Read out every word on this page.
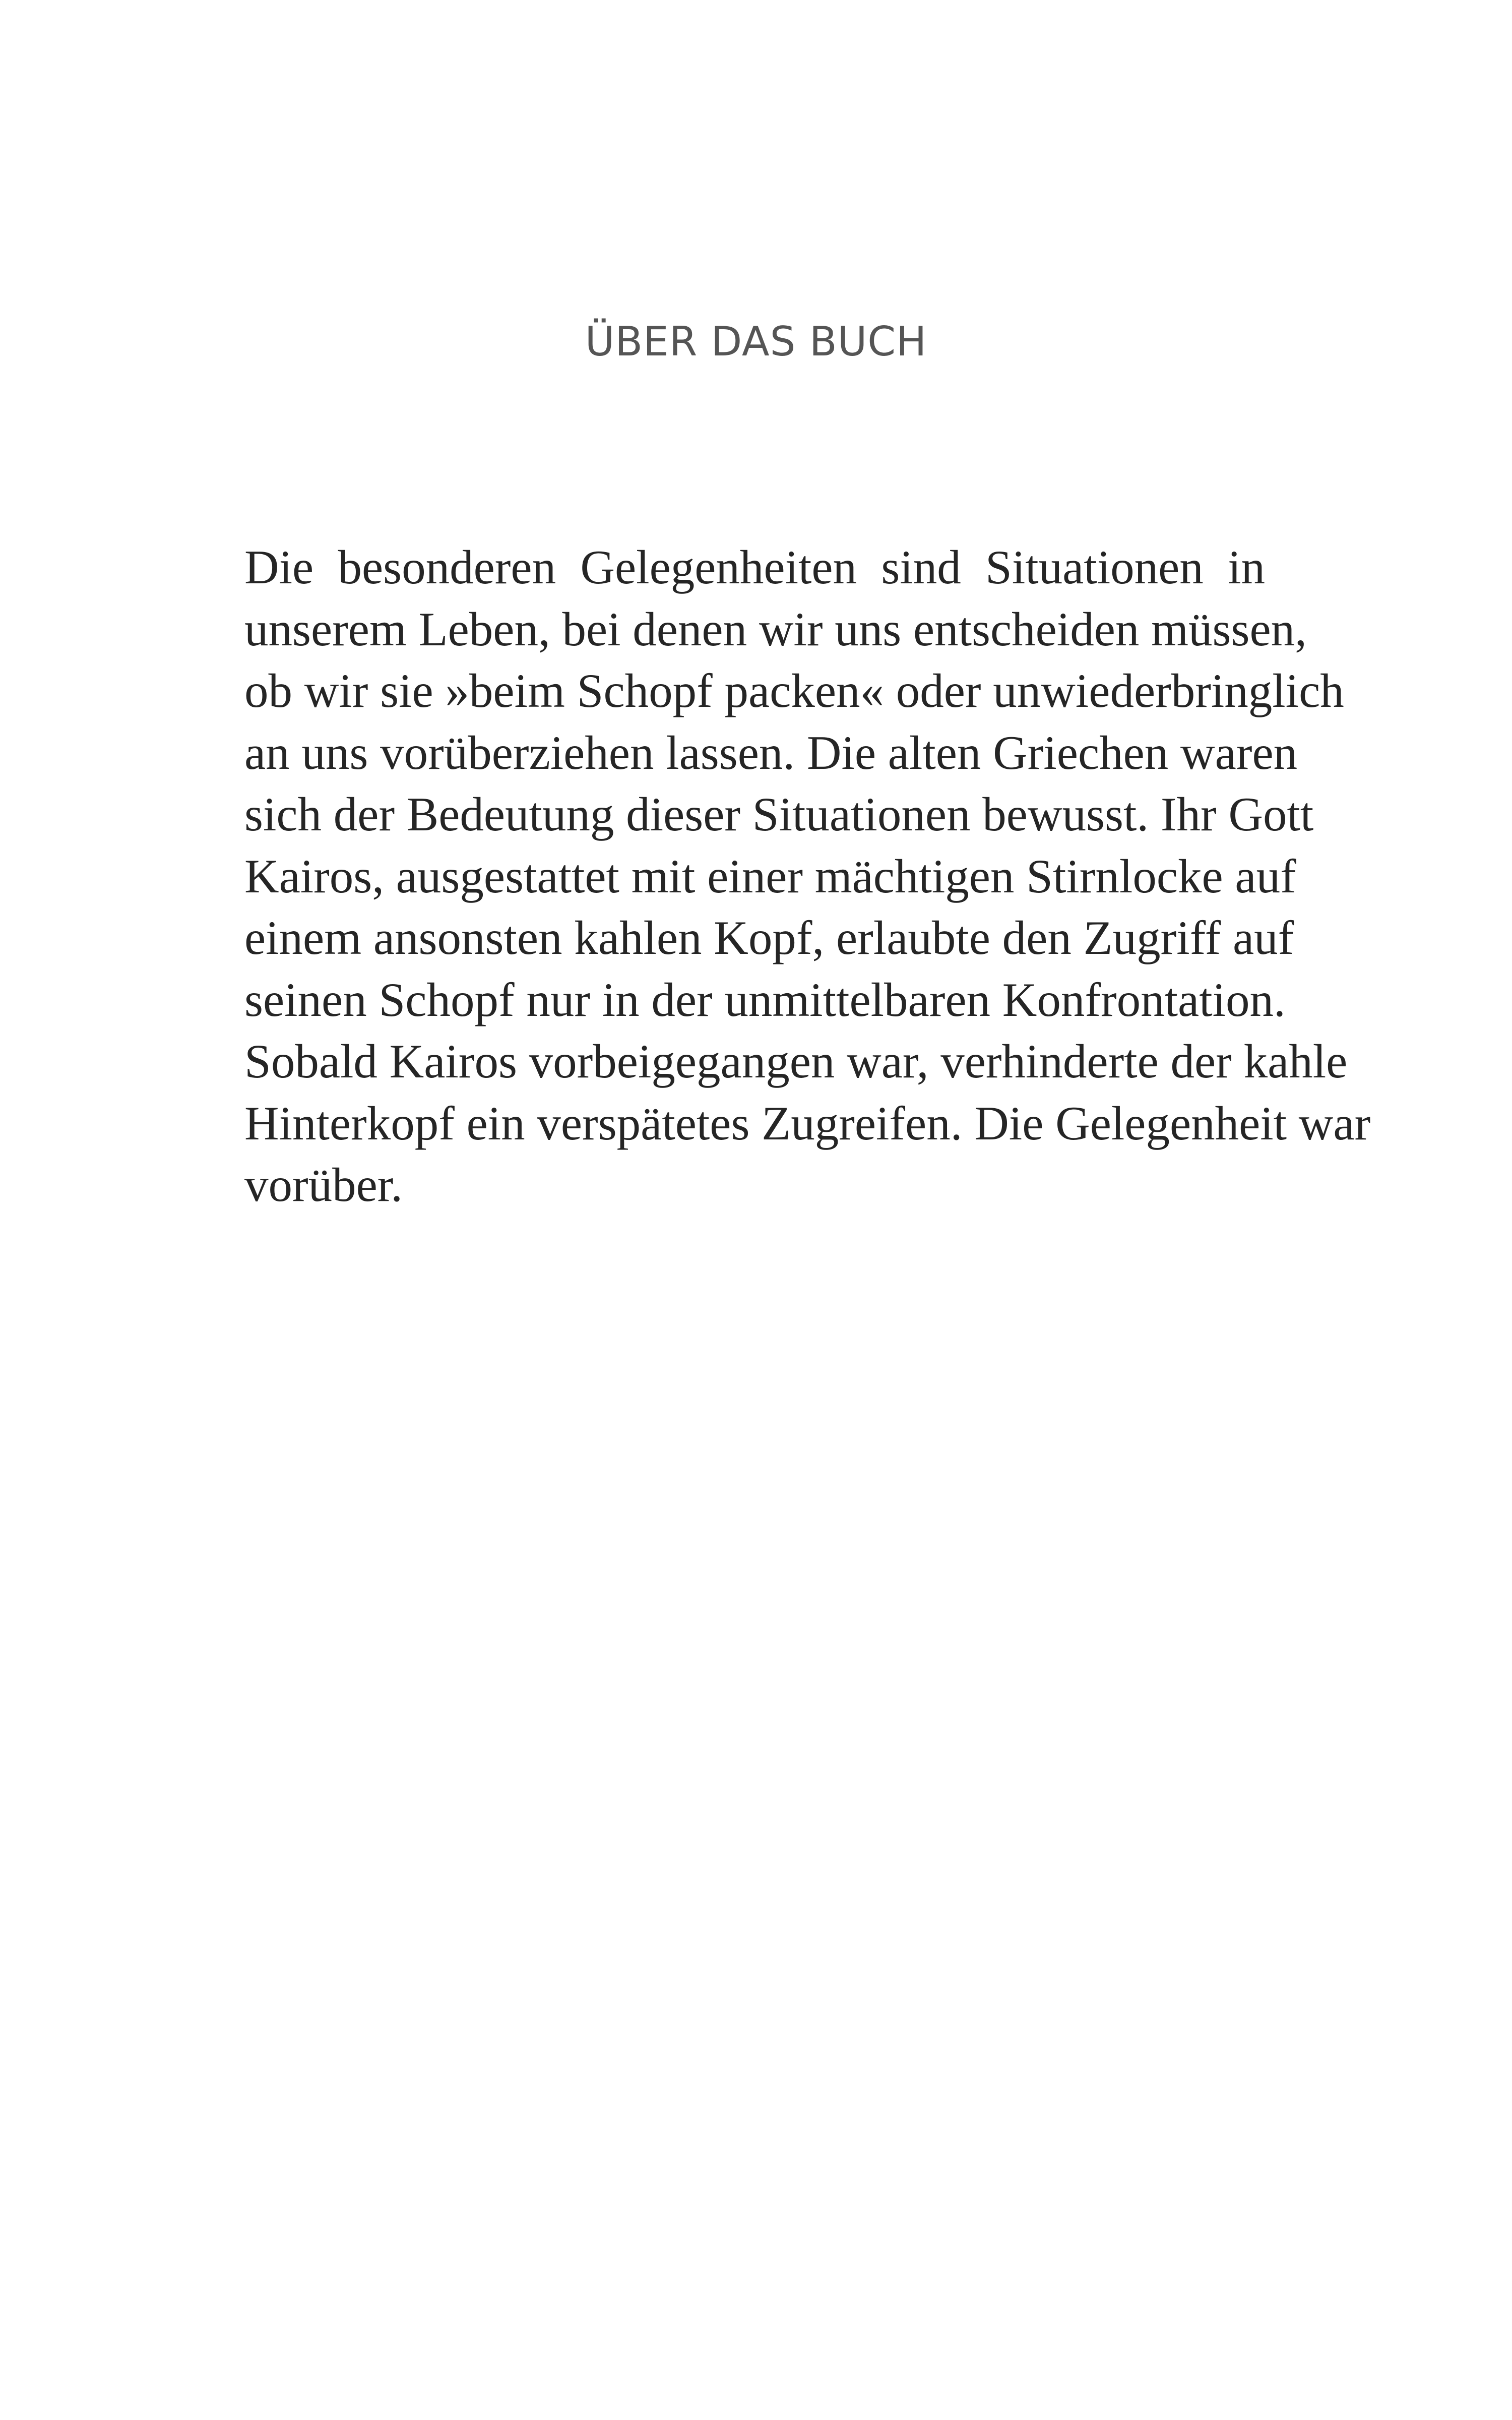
ÜBER DAS BUCH
Die besonderen Gelegenheiten sind Situationen in
unserem Leben, bei denen wir uns entscheiden müssen,
ob wir sie »beim Schopf packen« oder unwiederbringlich
an uns vorüberziehen lassen. Die alten Griechen waren
sich der Bedeutung dieser Situationen bewusst. Ihr Gott
Kairos, ausgestattet mit einer mächtigen Stirnlocke auf
einem ansonsten kahlen Kopf, erlaubte den Zugriff auf
seinen Schopf nur in der unmittelbaren Konfrontation.
Sobald Kairos vorbeigegangen war, verhinderte der kahle
Hinterkopf ein verspätetes Zugreifen. Die Gelegenheit war
vorüber.
